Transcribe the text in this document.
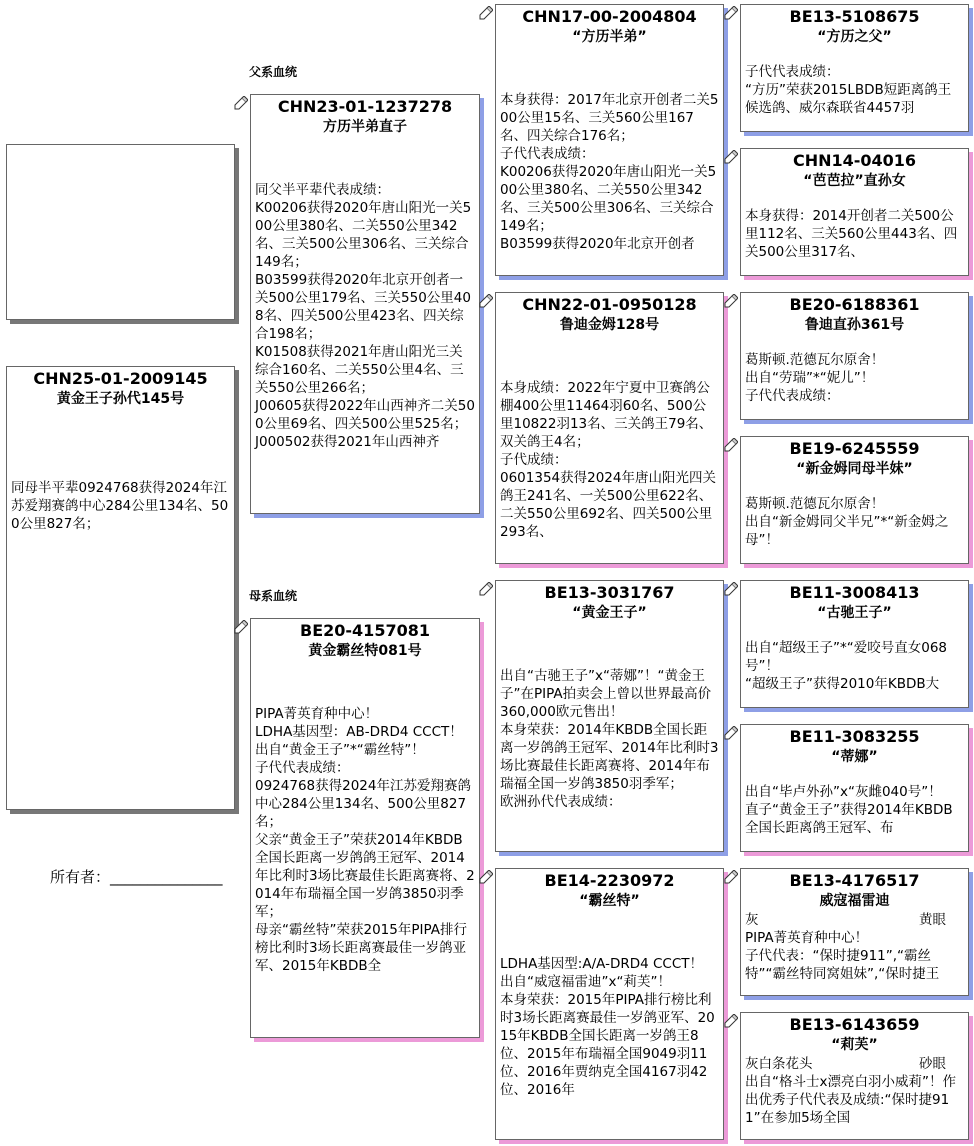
父系血统
母系血统
CHN25-01-2009145
黄金王子孙代145号
同母半平辈0924768获得2024年江苏爱翔赛鸽中心284公里134名、500公里827名；
所有者：_______________
CHN23-01-1237278
方历半弟直子
同父半平辈代表成绩：
K00206获得2020年唐山阳光一关500公里380名、二关550公里342名、三关500公里306名、三关综合149名；
B03599获得2020年北京开创者一关500公里179名、三关550公里408名、四关500公里423名、四关综合198名；
K01508获得2021年唐山阳光三关综合160名、二关550公里4名、三关550公里266名；
J00605获得2022年山西神齐二关500公里69名、四关500公里525名；
J000502获得2021年山西神齐
BE20-4157081
黄金霸丝特081号
PIPA菁英育种中心！
LDHA基因型：AB-DRD4 CCCT！出自“黄金王子”*“霸丝特”！
子代代表成绩：
0924768获得2024年江苏爱翔赛鸽中心284公里134名、500公里827名；
父亲“黄金王子”荣获2014年KBDB全国长距离一岁鸽鸽王冠军、2014年比利时3场比赛最佳长距离赛将、2014年布瑞福全国一岁鸽3850羽季军；
母亲“霸丝特”荣获2015年PIPA排行榜比利时3场长距离赛最佳一岁鸽亚军、2015年KBDB全
CHN17-00-2004804
“方历半弟”
本身获得：2017年北京开创者二关500公里15名、三关560公里167名、四关综合176名；
子代代表成绩：
K00206获得2020年唐山阳光一关500公里380名、二关550公里342名、三关500公里306名、三关综合149名；
B03599获得2020年北京开创者
CHN22-01-0950128
鲁迪金姆128号
本身成绩：2022年宁夏中卫赛鸽公棚400公里11464羽60名、500公里10822羽13名、三关鸽王79名、双关鸽王4名；
子代成绩：
0601354获得2024年唐山阳光四关鸽王241名、一关500公里622名、二关550公里692名、四关500公里293名、
BE13-3031767
“黄金王子”
出自“古驰王子”x“蒂娜”！“黄金王子”在PIPA拍卖会上曾以世界最高价360,000欧元售出！
本身荣获：2014年KBDB全国长距离一岁鸽鸽王冠军、2014年比利时3场比赛最佳长距离赛将、2014年布瑞福全国一岁鸽3850羽季军；
欧洲孙代代表成绩：
BE14-2230972
“霸丝特”
LDHA基因型:A/A-DRD4 CCCT！
出自“威寇福雷迪”x“莉芙”！
本身荣获：2015年PIPA排行榜比利时3场长距离赛最佳一岁鸽亚军、2015年KBDB全国长距离一岁鸽王8位、2015年布瑞福全国9049羽11位、2016年贾纳克全国4167羽42位、2016年
BE13-5108675
“方历之父”
子代代表成绩：
“方历”荣获2015LBDB短距离鸽王候选鸽、威尔森联省4457羽
CHN14-04016
“芭芭拉”直孙女
本身获得：2014开创者二关500公里112名、三关560公里443名、四关500公里317名、
BE20-6188361
鲁迪直孙361号
葛斯顿.范德瓦尔原舍！
出自“劳瑞”*“妮儿”！
子代代表成绩：
BE19-6245559
“新金姆同母半妹”
葛斯顿.范德瓦尔原舍！
出自“新金姆同父半兄”*“新金姆之母”！
BE11-3008413
“古驰王子”
出自“超级王子”*“爱咬号直女068号”！
“超级王子”获得2010年KBDB大
BE11-3083255
“蒂娜”
出自“毕卢外孙”x“灰雌040号”！
直子“黄金王子”获得2014年KBDB全国长距离鸽王冠军、布
BE13-4176517
威寇福雷迪
灰	黄眼
PIPA菁英育种中心！
子代代表：“保时捷911”,“霸丝特”“霸丝特同窝姐妹”,“保时捷王
BE13-6143659
“莉芙”
灰白条花头	砂眼
出自“格斗士x漂亮白羽小威莉”！作出优秀子代代表及成绩:“保时捷911”在参加5场全国
